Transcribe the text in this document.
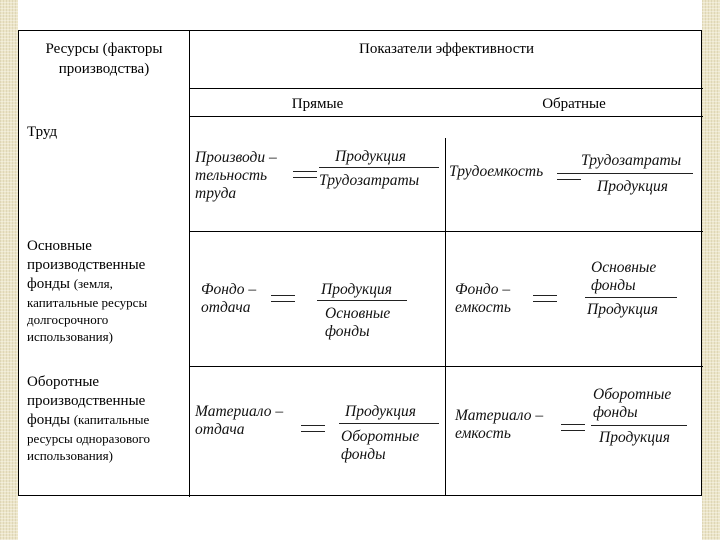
Ресурсы (факторы производства)
Показатели эффективности
Прямые	Обратные
Труд
Производи –
тельность
труда
Продукция
Трудозатраты
Трудоемкость
Трудозатраты
Продукция
Основные
производственные
фонды (земля,
капитальные ресурсы
долгосрочного
использования)
Фондо –
отдача
Продукция
Основные
фонды
Фондо –
емкость
Основные
фонды
Продукция
Оборотные
производственные
фонды (капитальные
ресурсы одноразового
использования)
Материало –
отдача
Продукция
Оборотные
фонды
Материало –
емкость
Оборотные
фонды
Продукция
